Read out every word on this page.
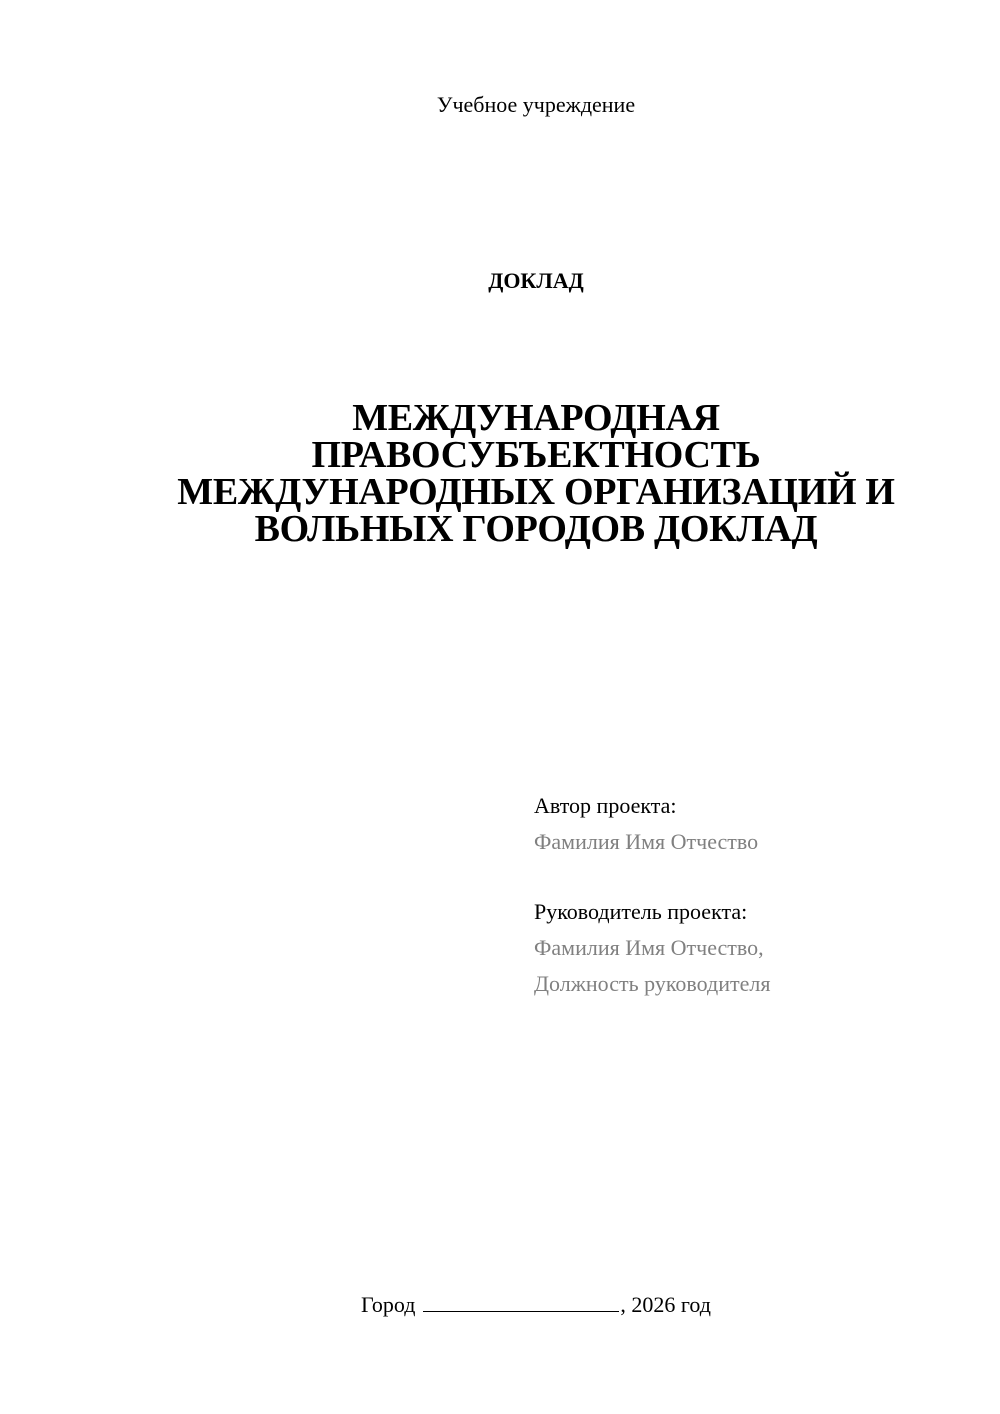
Учебное учреждение
ДОКЛАД
МЕЖДУНАРОДНАЯ
ПРАВОСУБЪЕКТНОСТЬ
МЕЖДУНАРОДНЫХ ОРГАНИЗАЦИЙ И
ВОЛЬНЫХ ГОРОДОВ ДОКЛАД
Автор проекта:
Фамилия Имя Отчество
Руководитель проекта:
Фамилия Имя Отчество,
Должность руководителя
Город	, 2026 год
